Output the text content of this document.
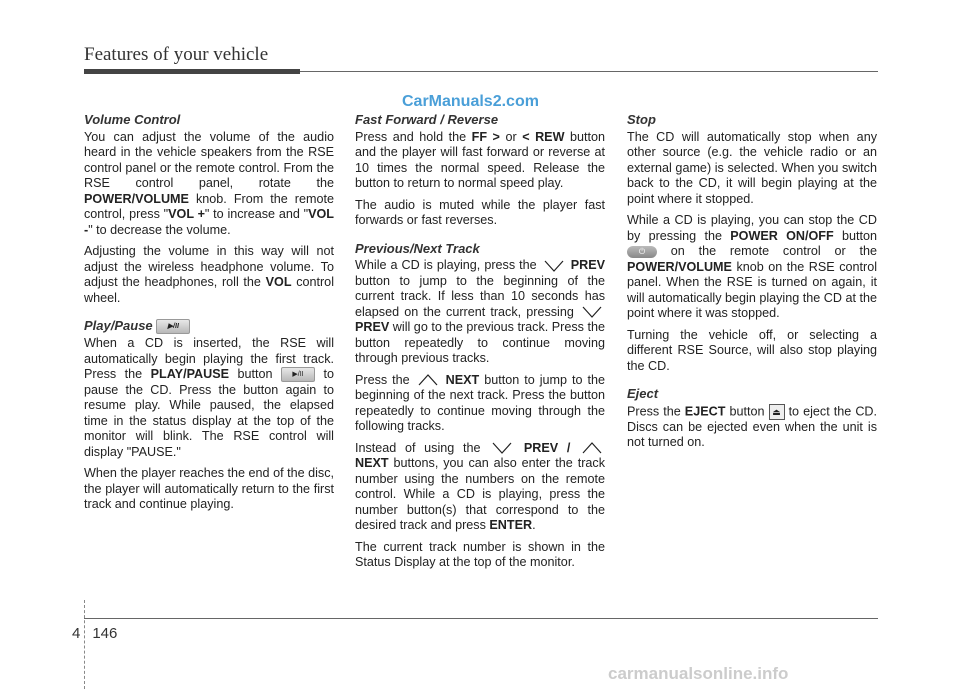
Features of your vehicle
CarManuals2.com
Volume Control

You can adjust the volume of the audio heard in the vehicle speakers from the RSE control panel or the remote control. From the RSE control panel, rotate the POWER/VOLUME knob. From the remote control, press "VOL +" to increase and "VOL -" to decrease the volume.

Adjusting the volume in this way will not adjust the wireless headphone volume. To adjust the headphones, roll the VOL control wheel.

Play/Pause ▶/II

When a CD is inserted, the RSE will automatically begin playing the first track. Press the PLAY/PAUSE button ▶/II to pause the CD. Press the button again to resume play. While paused, the elapsed time in the status display at the top of the monitor will blink. The RSE control will display "PAUSE."

When the player reaches the end of the disc, the player will automatically return to the first track and continue playing.

Fast Forward / Reverse

Press and hold the FF > or < REW button and the player will fast forward or reverse at 10 times the normal speed. Release the button to return to normal speed play.

The audio is muted while the player fast forwards or fast reverses.

Previous/Next Track

While a CD is playing, press the  PREV button to jump to the beginning of the current track. If less than 10 seconds has elapsed on the current track, pressing  PREV will go to the previous track. Press the button repeatedly to continue moving through previous tracks.

Press the  NEXT button to jump to the beginning of the next track. Press the button repeatedly to continue moving through the following tracks.

Instead of using the	PREV /  NEXT buttons, you can also enter the track number using the numbers on the remote control. While a CD is playing, press the number button(s) that correspond to the desired track and press ENTER.

The current track number is shown in the Status Display at the top of the monitor.

Stop

The CD will automatically stop when any other source (e.g. the vehicle radio or an external game) is selected. When you switch back to the CD, it will begin playing at the point where it stopped.

While a CD is playing, you can stop the CD by pressing the POWER ON/OFF button ⏻ on the remote control or the POWER/VOLUME knob on the RSE control panel. When the RSE is turned on again, it will automatically begin playing the CD at the point where it was stopped.

Turning the vehicle off, or selecting a different RSE Source, will also stop playing the CD.

Eject

Press the EJECT button ⏏ to eject the CD. Discs can be ejected even when the unit is not turned on.

4 146
carmanualsonline.info
